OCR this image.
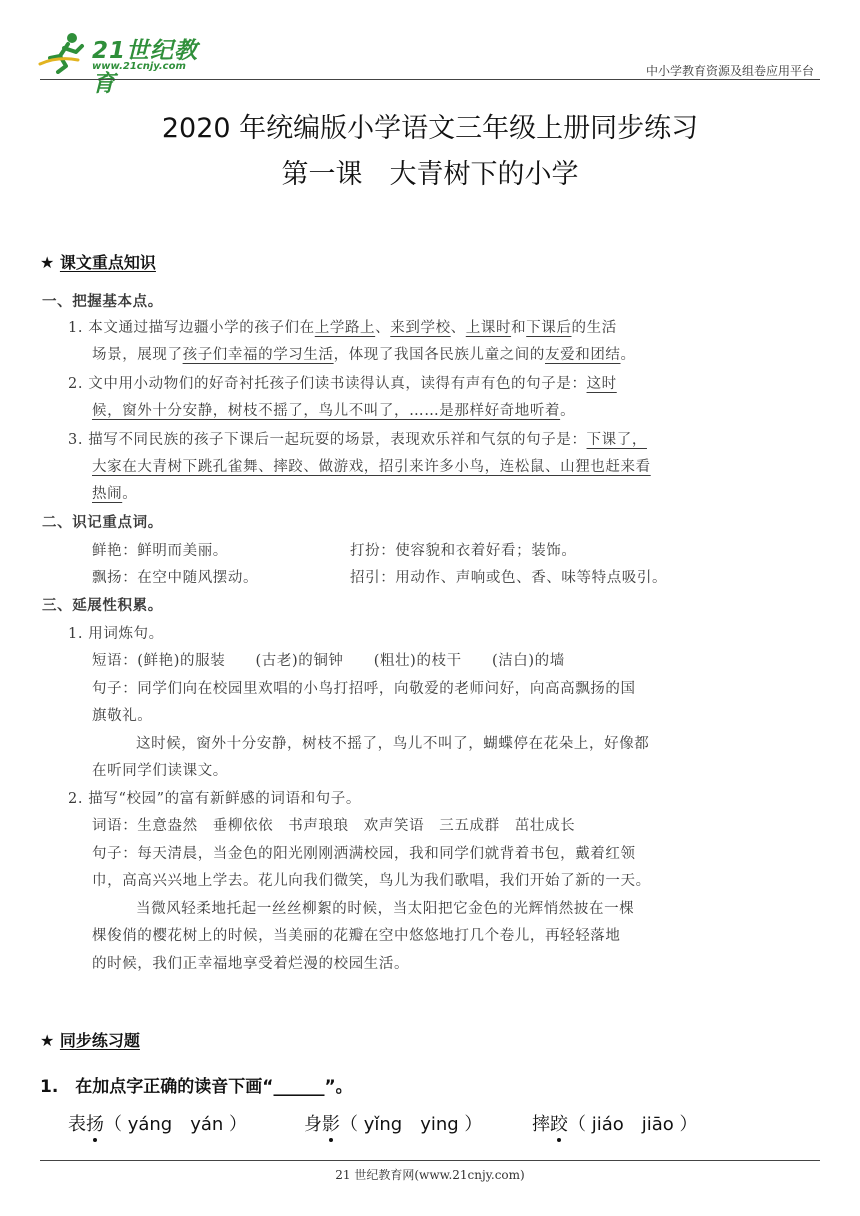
21世纪教育
www.21cnjy.com	中小学教育资源及组卷应用平台
2020 年统编版小学语文三年级上册同步练习
第一课　大青树下的小学
★ 课文重点知识
一、把握基本点。
1. 本文通过描写边疆小学的孩子们在上学路上、来到学校、上课时和下课后的生活
场景，展现了孩子们幸福的学习生活，体现了我国各民族儿童之间的友爱和团结。
2. 文中用小动物们的好奇衬托孩子们读书读得认真，读得有声有色的句子是：这时
候，窗外十分安静，树枝不摇了，鸟儿不叫了，……是那样好奇地听着。
3. 描写不同民族的孩子下课后一起玩耍的场景，表现欢乐祥和气氛的句子是：下课了，
大家在大青树下跳孔雀舞、摔跤、做游戏，招引来许多小鸟，连松鼠、山狸也赶来看
热闹。
二、识记重点词。
鲜艳：鲜明而美丽。	打扮：使容貌和衣着好看；装饰。
飘扬：在空中随风摆动。	招引：用动作、声响或色、香、味等特点吸引。
三、延展性积累。
1. 用词炼句。
短语：(鲜艳)的服装　　(古老)的铜钟　　(粗壮)的枝干　　(洁白)的墙
句子：同学们向在校园里欢唱的小鸟打招呼，向敬爱的老师问好，向高高飘扬的国
旗敬礼。
这时候，窗外十分安静，树枝不摇了，鸟儿不叫了，蝴蝶停在花朵上，好像都
在听同学们读课文。
2. 描写“校园”的富有新鲜感的词语和句子。
词语：生意盎然　垂柳依依　书声琅琅　欢声笑语　三五成群　茁壮成长
句子：每天清晨，当金色的阳光刚刚洒满校园，我和同学们就背着书包，戴着红领
巾，高高兴兴地上学去。花儿向我们微笑，鸟儿为我们歌唱，我们开始了新的一天。
当微风轻柔地托起一丝丝柳絮的时候，当太阳把它金色的光辉悄然披在一棵
棵俊俏的樱花树上的时候，当美丽的花瓣在空中悠悠地打几个卷儿，再轻轻落地
的时候，我们正幸福地享受着烂漫的校园生活。
★ 同步练习题
1.　在加点字正确的读音下画“______”。
表扬（ yáng　yán ）	身影（ yǐng　ying ）	摔跤（ jiáo　jiāo ）
21 世纪教育网(www.21cnjy.com)
